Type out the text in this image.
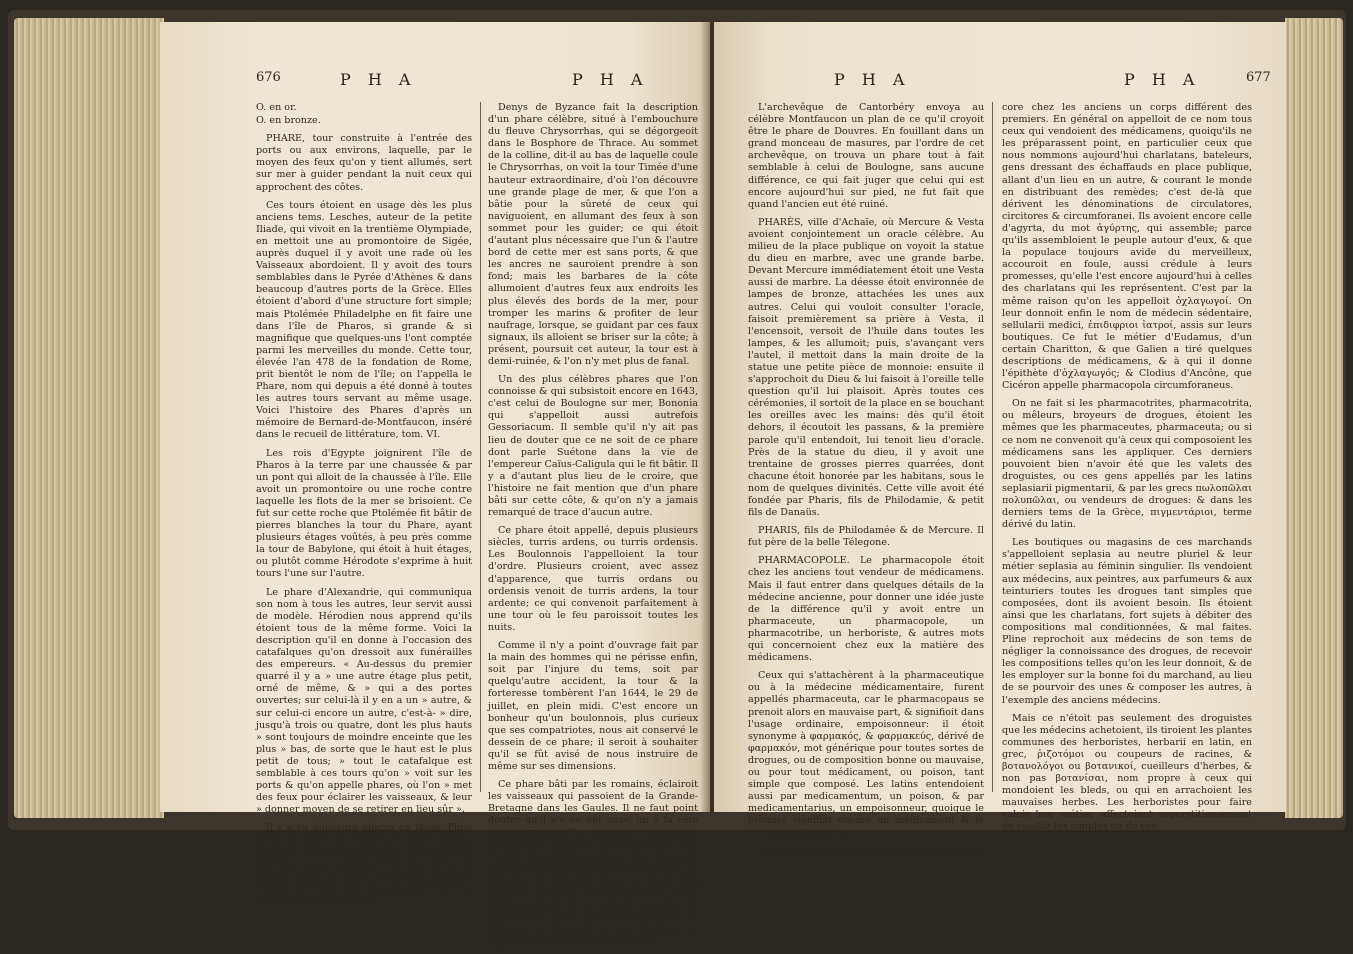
676	P H A	P H A

O. en or.

O. en bronze.

PHARE, tour construite à l'entrée des ports ou aux environs, laquelle, par le moyen des feux qu'on y tient allumés, sert sur mer à guider pendant la nuit ceux qui approchent des côtes.

Ces tours étoient en usage dès les plus anciens tems. Lesches, auteur de la petite Iliade, qui vivoit en la trentième Olympiade, en mettoit une au promontoire de Sigée, auprès duquel il y avoit une rade où les Vaisseaux abordoient. Il y avoit des tours semblables dans le Pyrée d'Athènes & dans beaucoup d'autres ports de la Grèce. Elles étoient d'abord d'une structure fort simple; mais Ptolémée Philadelphe en fit faire une dans l'île de Pharos, si grande & si magnifique que quelques-uns l'ont comptée parmi les merveilles du monde. Cette tour, élevée l'an 478 de la fondation de Rome, prit bientôt le nom de l'île; on l'appella le Phare, nom qui depuis a été donné à toutes les autres tours servant au même usage. Voici l'histoire des Phares d'après un mémoire de Bernard-de-Montfaucon, inséré dans le recueil de littérature, tom. VI.

Les rois d'Egypte joignirent l'île de Pharos à la terre par une chaussée & par un pont qui alloit de la chaussée à l'île. Elle avoit un promontoire ou une roche contre laquelle les flots de la mer se brisoient. Ce fut sur cette roche que Ptolémée fit bâtir de pierres blanches la tour du Phare, ayant plusieurs étages voûtés, à peu près comme la tour de Babylone, qui étoit à huit étages, ou plutôt comme Hérodote s'exprime à huit tours l'une sur l'autre.

Le phare d'Alexandrie, qui communiqua son nom à tous les autres, leur servit aussi de modèle. Hérodien nous apprend qu'ils étoient tous de la même forme. Voici la description qu'il en donne à l'occasion des catafalques qu'on dressoit aux funérailles des empereurs. « Au-dessus du premier quarré il y a » une autre étage plus petit, orné de même, & » qui a des portes ouvertes; sur celui-là il y en a un » autre, & sur celui-ci encore un autre, c'est-à- » dire, jusqu'à trois ou quatre, dont les plus hauts » sont toujours de moindre enceinte que les plus » bas, de sorte que le haut est le plus petit de tous; » tout le catafalque est semblable à ces tours qu'on » voit sur les ports & qu'on appelle phares, où l'on » met des feux pour éclairer les vaisseaux, & leur » donner moyen de se retirer en lieu sûr ».

Il y a eu plusieurs phares en Italie. Pline parle de ceux de Ravenne & de Pouzzole. Suétone fait aussi mention du phare de l'île Caprée, qu'un tremblement de terre fit tomber peu de jours avant la mort de Tibère. Il ne faut pas douter qu'on n'en ait fait encore bien d'autres.

Denys de Byzance fait la description d'un phare célèbre, situé à l'embouchure du fleuve Chrysorrhas, qui se dégorgeoit dans le Bosphore de Thrace. Au sommet de la colline, dit-il au bas de laquelle coule le Chrysorrhas, on voit la tour Timée d'une hauteur extraordinaire, d'où l'on découvre une grande plage de mer, & que l'on a bâtie pour la sûreté de ceux qui naviguoient, en allumant des feux à son sommet pour les guider; ce qui étoit d'autant plus nécessaire que l'un & l'autre bord de cette mer est sans ports, & que les ancres ne sauroient prendre à son fond; mais les barbares de la côte allumoient d'autres feux aux endroits les plus élevés des bords de la mer, pour tromper les marins & profiter de leur naufrage, lorsque, se guidant par ces faux signaux, ils alloient se briser sur la côte; à présent, poursuit cet auteur, la tour est à demi-ruinée, & l'on n'y met plus de fanal.

Un des plus célèbres phares que l'on connoisse & qui subsistoit encore en 1643, c'est celui de Boulogne sur mer, Bononia qui s'appelloit aussi autrefois Gessoriacum. Il semble qu'il n'y ait pas lieu de douter que ce ne soit de ce phare dont parle Suétone dans la vie de l'empereur Caïus-Caligula qui le fit bâtir. Il y a d'autant plus lieu de le croire, que l'histoire ne fait mention que d'un phare bâti sur cette côte, & qu'on n'y a jamais remarqué de trace d'aucun autre.

Ce phare étoit appellé, depuis plusieurs siècles, turris ardens, ou turris ordensis. Les Boulonnois l'appelloient la tour d'ordre. Plusieurs croient, avec assez d'apparence, que turris ordans ou ordensis venoit de turris ardens, la tour ardente; ce qui convenoit parfaitement à une tour où le feu paroissoit toutes les nuits.

Comme il n'y a point d'ouvrage fait par la main des hommes qui ne périsse enfin, soit par l'injure du tems, soit par quelqu'autre accident, la tour & la forteresse tombèrent l'an 1644, le 29 de juillet, en plein midi. C'est encore un bonheur qu'un boulonnois, plus curieux que ses compatriotes, nous ait conservé le dessein de ce phare; il seroit à souhaiter qu'il se fût avisé de nous instruire de même sur ses dimensions.

Ce phare bâti par les romains, éclairoit les vaisseaux qui passoient de la Grande-Bretagne dans les Gaules. Il ne faut point douter qu'il n'y en eût aussi un à la côte opposée, puisqu'il y étoit aussi nécessaire pour guider ceux qui passoient dans l'île. Plusieurs personnes croient que la vieille tour qui subsiste aujourd'hui au milieu du château de Douvres, étoit le phare des romains; d'autres pensent que ce phare étoit situé où est le grand monceau de pierres de chaux qu'on voit auprès du château de Douvres, & que les gens du pays appellent la goutte du diable.

P H A	P H A	677

L'archevêque de Cantorbéry envoya au célèbre Montfaucon un plan de ce qu'il croyoit être le phare de Douvres. En fouillant dans un grand monceau de masures, par l'ordre de cet archevêque, on trouva un phare tout à fait semblable à celui de Boulogne, sans aucune différence, ce qui fait juger que celui qui est encore aujourd'hui sur pied, ne fut fait que quand l'ancien eut été ruiné.

PHARÈS, ville d'Achaïe, où Mercure & Vesta avoient conjointement un oracle célèbre. Au milieu de la place publique on voyoit la statue du dieu en marbre, avec une grande barbe. Devant Mercure immédiatement étoit une Vesta aussi de marbre. La déesse étoit environnée de lampes de bronze, attachées les unes aux autres. Celui qui vouloit consulter l'oracle, faisoit premièrement sa prière à Vesta, il l'encensoit, versoit de l'huile dans toutes les lampes, & les allumoit; puis, s'avançant vers l'autel, il mettoit dans la main droite de la statue une petite pièce de monnoie: ensuite il s'approchoit du Dieu & lui faisoit à l'oreille telle question qu'il lui plaisoit. Après toutes ces cérémonies, il sortoit de la place en se bouchant les oreilles avec les mains: dès qu'il étoit dehors, il écoutoit les passans, & la première parole qu'il entendoit, lui tenoit lieu d'oracle. Près de la statue du dieu, il y avoit une trentaine de grosses pierres quarrées, dont chacune étoit honorée par les habitans, sous le nom de quelques divinités. Cette ville avoit été fondée par Pharis, fils de Philodamie, & petit fils de Danaüs.

PHARIS, fils de Philodamée & de Mercure. Il fut père de la belle Télegone.

PHARMACOPOLE. Le pharmacopole étoit chez les anciens tout vendeur de médicamens. Mais il faut entrer dans quelques détails de la médecine ancienne, pour donner une idée juste de la différence qu'il y avoit entre un pharmaceute, un pharmacopole, un pharmacotribe, un herboriste, & autres mots qui concernoient chez eux la matière des médicamens.

Ceux qui s'attachèrent à la pharmaceutique ou à la médecine médicamentaire, furent appellés pharmaceuta, car le pharmacopaus se prenoit alors en mauvaise part, & signifioit dans l'usage ordinaire, empoisonneur: il étoit synonyme à φαρμακός, & φαρμακεύς, dérivé de φαρμακόν, mot générique pour toutes sortes de drogues, ou de composition bonne ou mauvaise, ou pour tout médicament, ou poison, tant simple que composé. Les latins entendoient aussi par medicamentum, un poison, & par medicamentarius, un empoisonneur, quoique le premier signifiât encore un médicament & le dernier apothicaire.

Les pharmacopoles (pharmacopola) furent en-

core chez les anciens un corps différent des premiers. En général on appelloit de ce nom tous ceux qui vendoient des médicamens, quoiqu'ils ne les préparassent point, en particulier ceux que nous nommons aujourd'hui charlatans, bateleurs, gens dressant des échaffauds en place publique, allant d'un lieu en un autre, & courant le monde en distribuant des remèdes; c'est de-là que dérivent les dénominations de circulatores, circitores & circumforanei. Ils avoient encore celle d'agyrta, du mot ἀγύρτης, qui assemble; parce qu'ils assembloient le peuple autour d'eux, & que la populace toujours avide du merveilleux, accouroit en foule, aussi crédule à leurs promesses, qu'elle l'est encore aujourd'hui à celles des charlatans qui les représentent. C'est par la même raison qu'on les appelloit ὀχλαγωγοί. On leur donnoit enfin le nom de médecin sédentaire, sellularii medici, ἐπιδιφριοι ἰατροί, assis sur leurs boutiques. Ce fut le métier d'Eudamus, d'un certain Charitton, & que Galien a tiré quelques descriptions de médicamens, & à qui il donne l'épithète d'ὀχλαγωγός; & Clodius d'Ancône, que Cicéron appelle pharmacopola circumforaneus.

On ne fait si les pharmacotrites, pharmacotrita, ou mêleurs, broyeurs de drogues, étoient les mêmes que les pharmaceutes, pharmaceuta; ou si ce nom ne convenoit qu'à ceux qui composoient les médicamens sans les appliquer. Ces derniers pouvoient bien n'avoir été que les valets des droguistes, ou ces gens appellés par les latins seplasiarii pigmentarii, & par les grecs πωλοπῶλαι πολυπῶλαι, ou vendeurs de drogues: & dans les derniers tems de la Grèce, πιγμεντάριοι, terme dérivé du latin.

Les boutiques ou magasins de ces marchands s'appelloient seplasia au neutre pluriel & leur métier seplasia au féminin singulier. Ils vendoient aux médecins, aux peintres, aux parfumeurs & aux teinturiers toutes les drogues tant simples que composées, dont ils avoient besoin. Ils étoient ainsi que les charlatans, fort sujets à débiter des compositions mal conditionnées, & mal faites. Pline reprochoit aux médecins de son tems de négliger la connoissance des drogues, de recevoir les compositions telles qu'on les leur donnoit, & de les employer sur la bonne foi du marchand, au lieu de se pourvoir des unes & composer les autres, à l'exemple des anciens médecins.

Mais ce n'étoit pas seulement des droguistes que les médecins achetoient, ils tiroient les plantes communes des herboristes, herbarii en latin, en grec, ῥιζοτόμοι ou coupeurs de racines, & βοτανολόγοι ou βοτανικοί, cueilleurs d'herbes, & non pas βοτανίσαι, nom propre à ceux qui mondoient les bleds, ou qui en arrachoient les mauvaises herbes. Les herboristes pour faire valoir leur métier, affectoient superstitieusement de cueillir les simples en de cer-
